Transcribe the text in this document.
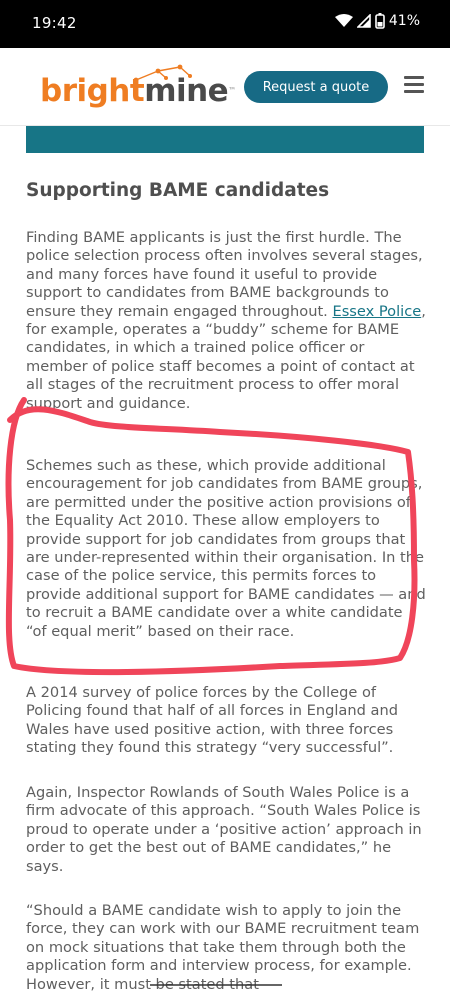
19:42	41%
brightmine™	Request a quote
Supporting BAME candidates

Finding BAME applicants is just the first hurdle. The police selection process often involves several stages, and many forces have found it useful to provide support to candidates from BAME backgrounds to ensure they remain engaged throughout. Essex Police, for example, operates a “buddy” scheme for BAME candidates, in which a trained police officer or member of police staff becomes a point of contact at all stages of the recruitment process to offer moral support and guidance.

Schemes such as these, which provide additional encouragement for job candidates from BAME groups, are permitted under the positive action provisions of the Equality Act 2010. These allow employers to provide support for job candidates from groups that are under-represented within their organisation. In the case of the police service, this permits forces to provide additional support for BAME candidates — and to recruit a BAME candidate over a white candidate “of equal merit” based on their race.

A 2014 survey of police forces by the College of Policing found that half of all forces in England and Wales have used positive action, with three forces stating they found this strategy “very successful”.

Again, Inspector Rowlands of South Wales Police is a firm advocate of this approach. “South Wales Police is proud to operate under a ‘positive action’ approach in order to get the best out of BAME candidates,” he says.

“Should a BAME candidate wish to apply to join the force, they can work with our BAME recruitment team on mock situations that take them through both the application form and interview process, for example. However, it must be stated that
